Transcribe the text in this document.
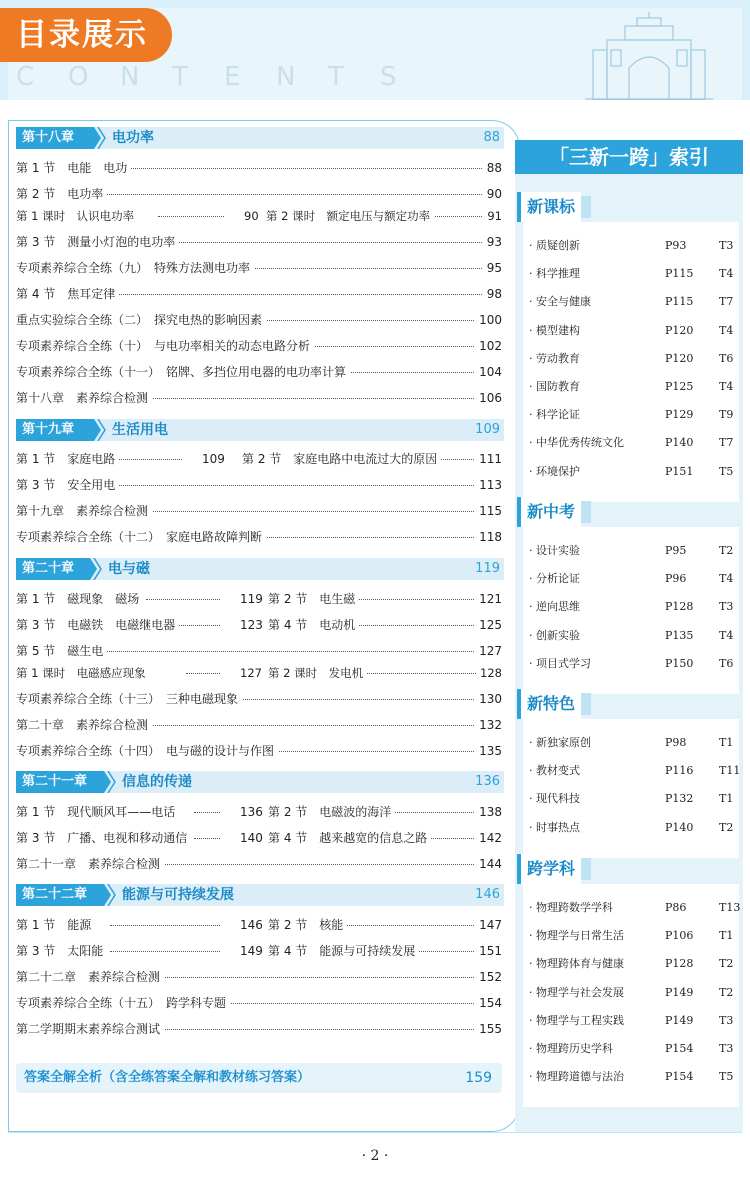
目录展示
C O N T E N T S
第十八章	电功率	88
第十九章	生活用电	109
第二十章	电与磁	119
第二十一章	信息的传递	136
第二十二章	能源与可持续发展	146
第 1 节　电能　电功	88
第 2 节　电功率	90
第 1 课时　认识电功率	90 第 2 课时　额定电压与额定功率	91
第 3 节　测量小灯泡的电功率	93
专项素养综合全练（九）　特殊方法测电功率	95
第 4 节　焦耳定律	98
重点实验综合全练（二）　探究电热的影响因素	100
专项素养综合全练（十）　与电功率相关的动态电路分析	102
专项素养综合全练（十一）　铭牌、多挡位用电器的电功率计算	104
第十八章　素养综合检测	106
第 1 节　家庭电路	109 第 2 节　家庭电路中电流过大的原因	111
第 3 节　安全用电	113
第十九章　素养综合检测	115
专项素养综合全练（十二）　家庭电路故障判断	118
第 1 节　磁现象　磁场	119 第 2 节　电生磁	121
第 3 节　电磁铁　电磁继电器	123 第 4 节　电动机	125
第 5 节　磁生电	127
第 1 课时　电磁感应现象	127 第 2 课时　发电机	128
专项素养综合全练（十三）　三种电磁现象	130
第二十章　素养综合检测	132
专项素养综合全练（十四）　电与磁的设计与作图	135
第 1 节　现代顺风耳——电话	136 第 2 节　电磁波的海洋	138
第 3 节　广播、电视和移动通信	140 第 4 节　越来越宽的信息之路	142
第二十一章　素养综合检测	144
第 1 节　能源	146 第 2 节　核能	147
第 3 节　太阳能	149 第 4 节　能源与可持续发展	151
第二十二章　素养综合检测	152
专项素养综合全练（十五）　跨学科专题	154
第二学期期末素养综合测试	155
答案全解全析（含全练答案全解和教材练习答案）	159
「三新一跨」索引
新课标
· 质疑创新	P93	T3
· 科学推理	P115 T4
· 安全与健康	P115 T7
· 模型建构	P120 T4
· 劳动教育	P120 T6
· 国防教育	P125 T4
· 科学论证	P129 T9
· 中华优秀传统文化	P140 T7
· 环境保护	P151 T5
新中考
· 设计实验	P95	T2
· 分析论证	P96	T4
· 逆向思维	P128 T3
· 创新实验	P135 T4
· 项目式学习	P150 T6
新特色
· 新独家原创	P98	T1
· 教材变式	P116 T11
· 现代科技	P132 T1
· 时事热点	P140 T2
跨学科
· 物理跨数学学科	P86	T13
· 物理学与日常生活	P106 T1
· 物理跨体育与健康	P128 T2
· 物理学与社会发展	P149 T2
· 物理学与工程实践	P149 T3
· 物理跨历史学科	P154 T3
· 物理跨道德与法治	P154 T5
· 2 ·
